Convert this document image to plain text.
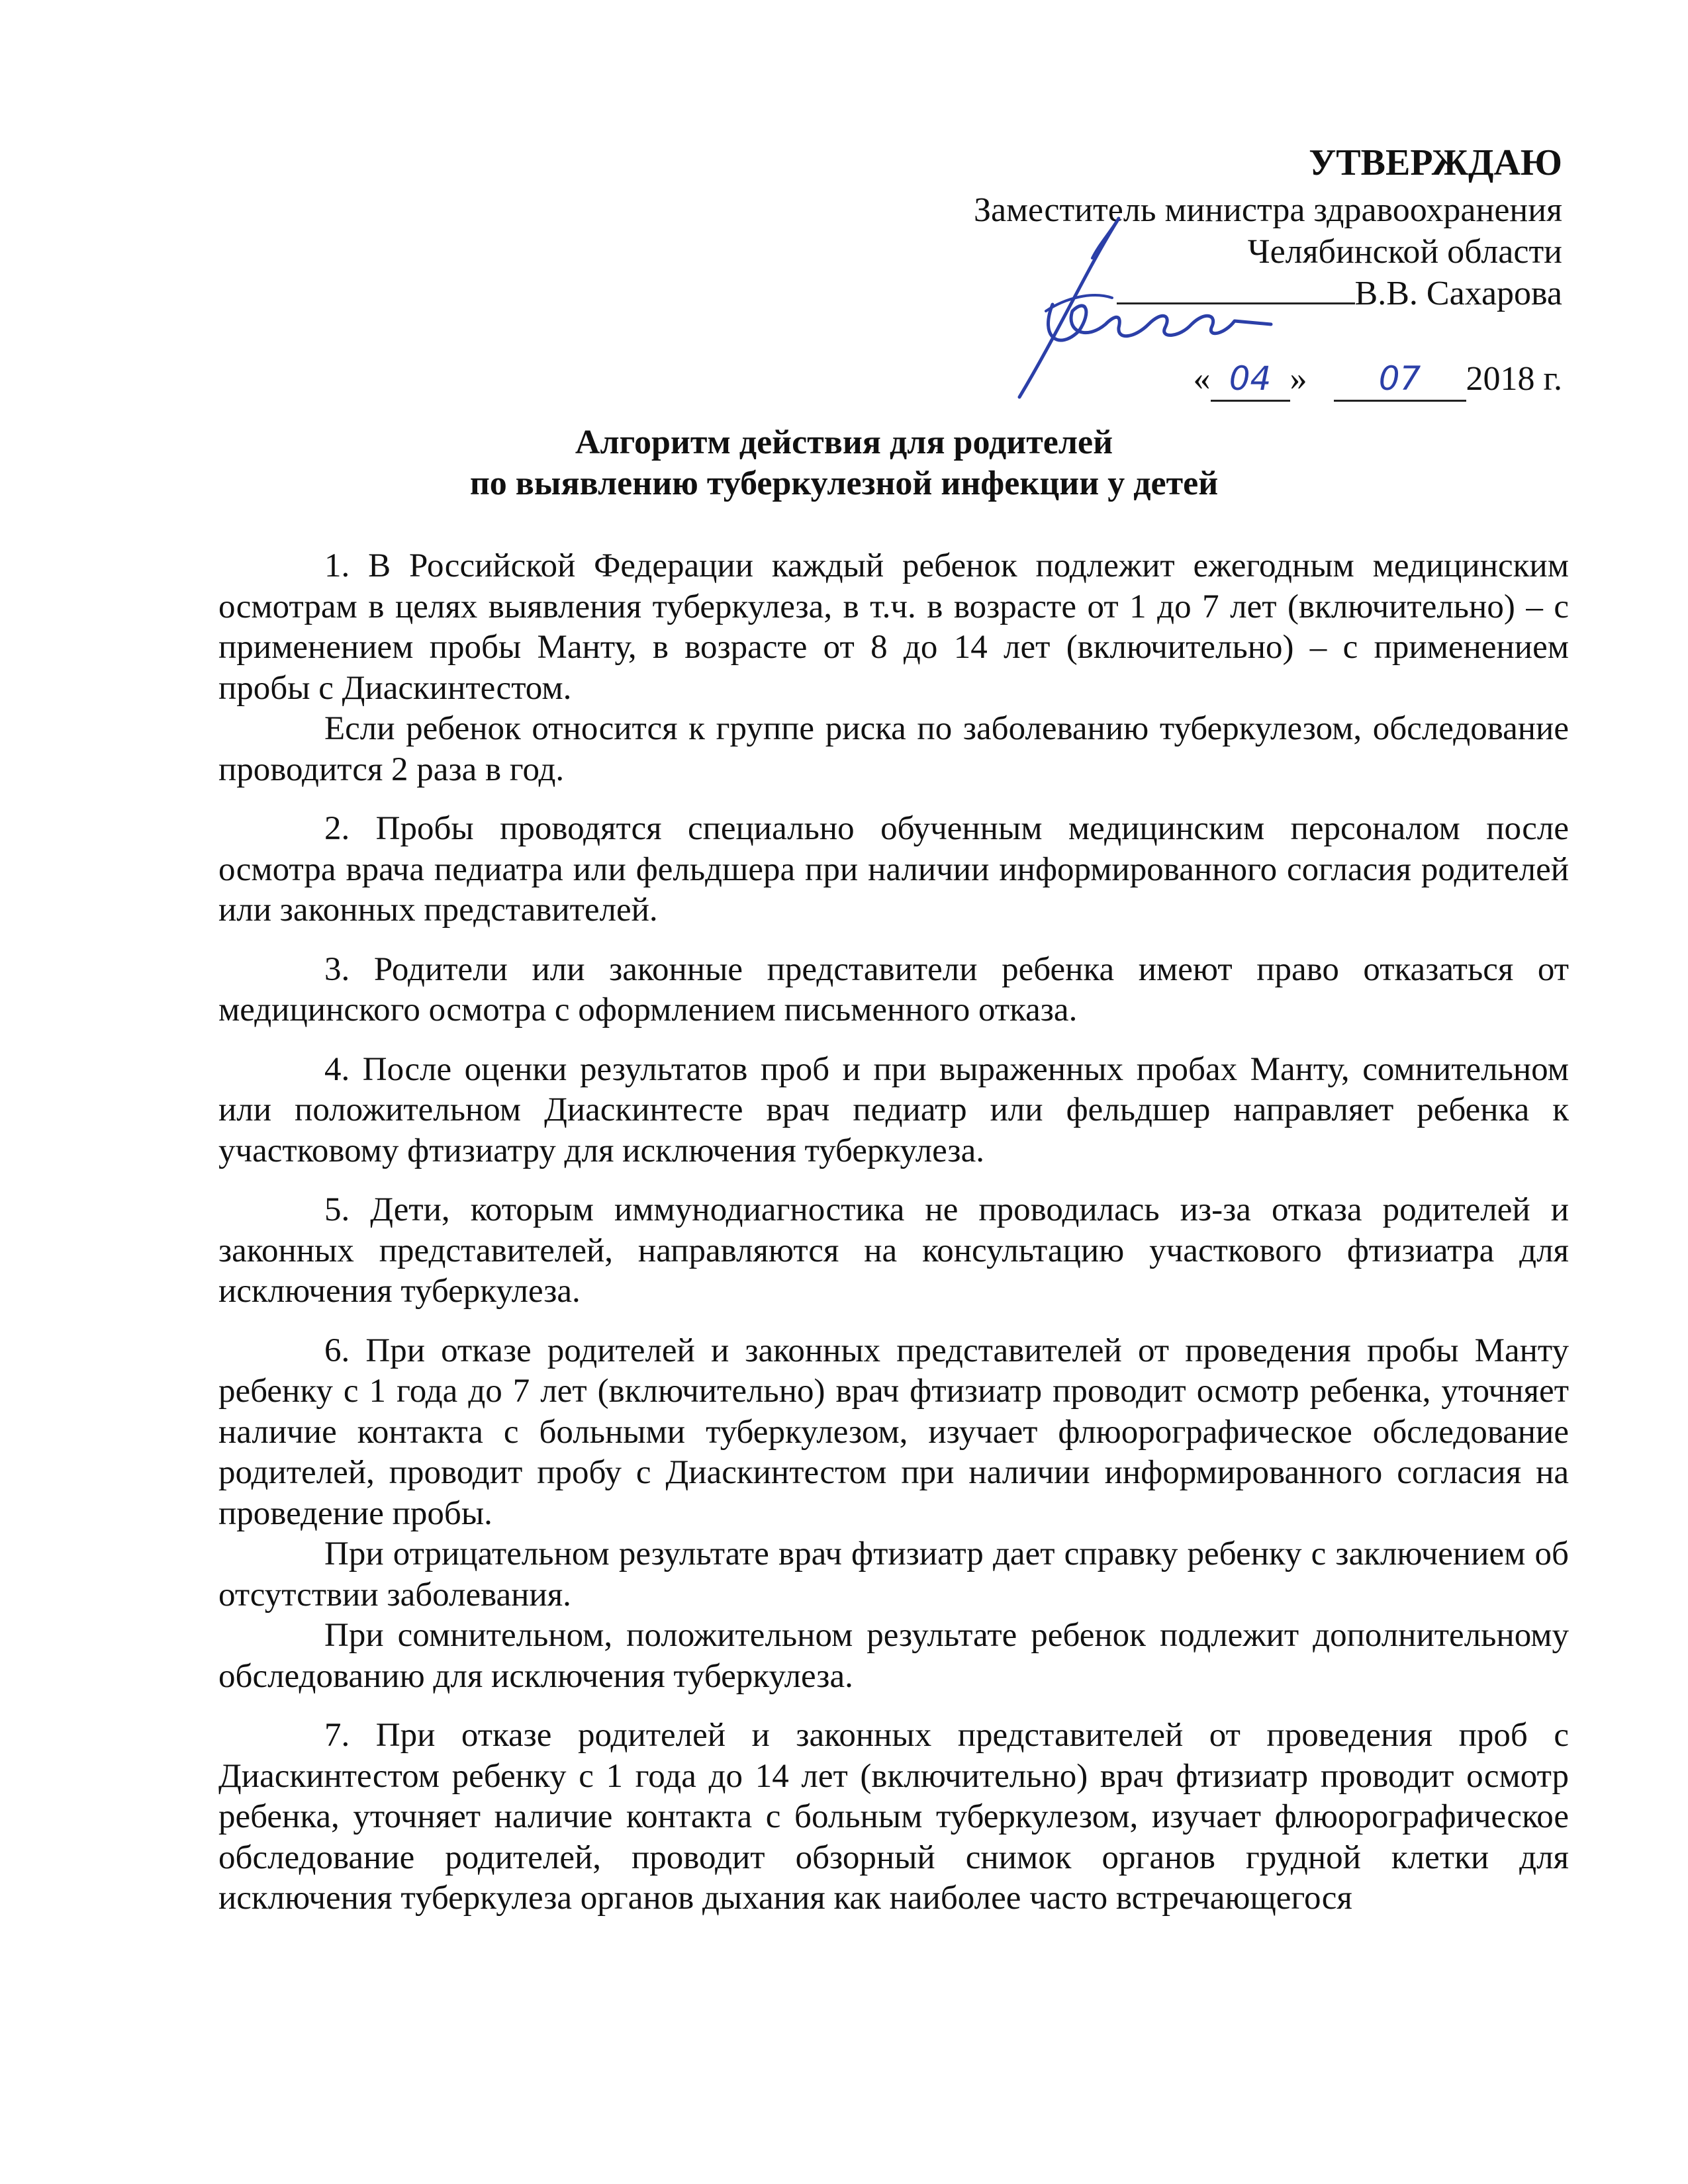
УТВЕРЖДАЮ
Заместитель министра здравоохранения
Челябинской области
В.В. Сахарова
« 04 » 07 2018 г.
Алгоритм действия для родителей
по выявлению туберкулезной инфекции у детей

1. В Российской Федерации каждый ребенок подлежит ежегодным медицинским осмотрам в целях выявления туберкулеза, в т.ч. в возрасте от 1 до 7 лет (включительно) – с применением пробы Манту, в возрасте от 8 до 14 лет (включительно) – с применением пробы с Диаскинтестом.

Если ребенок относится к группе риска по заболеванию туберкулезом, обследование проводится 2 раза в год.

2. Пробы проводятся специально обученным медицинским персоналом после осмотра врача педиатра или фельдшера при наличии информированного согласия родителей или законных представителей.

3. Родители или законные представители ребенка имеют право отказаться от медицинского осмотра с оформлением письменного отказа.

4. После оценки результатов проб и при выраженных пробах Манту, сомнительном или положительном Диаскинтесте врач педиатр или фельдшер направляет ребенка к участковому фтизиатру для исключения туберкулеза.

5. Дети, которым иммунодиагностика не проводилась из-за отказа родителей и законных представителей, направляются на консультацию участкового фтизиатра для исключения туберкулеза.

6. При отказе родителей и законных представителей от проведения пробы Манту ребенку с 1 года до 7 лет (включительно) врач фтизиатр проводит осмотр ребенка, уточняет наличие контакта с больными туберкулезом, изучает флюорографическое обследование родителей, проводит пробу с Диаскинтестом при наличии информированного согласия на проведение пробы.

При отрицательном результате врач фтизиатр дает справку ребенку с заключением об отсутствии заболевания.

При сомнительном, положительном результате ребенок подлежит дополнительному обследованию для исключения туберкулеза.

7. При отказе родителей и законных представителей от проведения проб с Диаскинтестом ребенку с 1 года до 14 лет (включительно) врач фтизиатр проводит осмотр ребенка, уточняет наличие контакта с больным туберкулезом, изучает флюорографическое обследование родителей, проводит обзорный снимок органов грудной клетки для исключения туберкулеза органов дыхания как наиболее часто встречающегося
